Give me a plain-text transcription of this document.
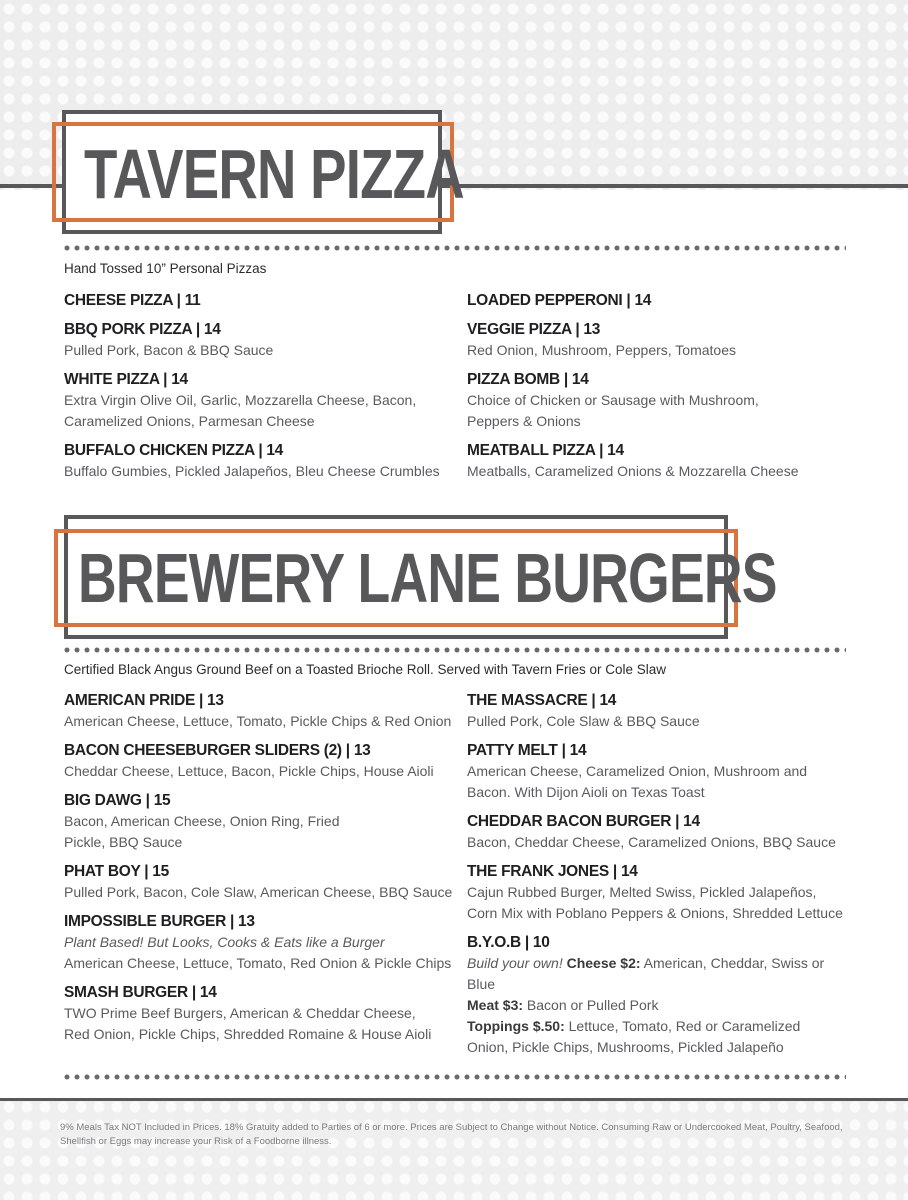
TAVERN PIZZA

Hand Tossed 10” Personal Pizzas

CHEESE PIZZA | 11

BBQ PORK PIZZA | 14

Pulled Pork, Bacon & BBQ Sauce

WHITE PIZZA | 14

Extra Virgin Olive Oil, Garlic, Mozzarella Cheese, Bacon, Caramelized Onions, Parmesan Cheese

BUFFALO CHICKEN PIZZA | 14

Buffalo Gumbies, Pickled Jalapeños, Bleu Cheese Crumbles

LOADED PEPPERONI | 14

VEGGIE PIZZA | 13

Red Onion, Mushroom, Peppers, Tomatoes

PIZZA BOMB | 14

Choice of Chicken or Sausage with Mushroom, Peppers & Onions

MEATBALL PIZZA | 14

Meatballs, Caramelized Onions & Mozzarella Cheese

BREWERY LANE BURGERS

Certified Black Angus Ground Beef on a Toasted Brioche Roll. Served with Tavern Fries or Cole Slaw

AMERICAN PRIDE | 13

American Cheese, Lettuce, Tomato, Pickle Chips & Red Onion

BACON CHEESEBURGER SLIDERS (2) | 13

Cheddar Cheese, Lettuce, Bacon, Pickle Chips, House Aioli

BIG DAWG | 15

Bacon, American Cheese, Onion Ring, Fried Pickle, BBQ Sauce

PHAT BOY | 15

Pulled Pork, Bacon, Cole Slaw, American Cheese, BBQ Sauce

IMPOSSIBLE BURGER | 13

Plant Based! But Looks, Cooks & Eats like a Burger

American Cheese, Lettuce, Tomato, Red Onion & Pickle Chips

SMASH BURGER | 14

TWO Prime Beef Burgers, American & Cheddar Cheese, Red Onion, Pickle Chips, Shredded Romaine & House Aioli

THE MASSACRE | 14

Pulled Pork, Cole Slaw & BBQ Sauce

PATTY MELT | 14

American Cheese, Caramelized Onion, Mushroom and Bacon. With Dijon Aioli on Texas Toast

CHEDDAR BACON BURGER | 14

Bacon, Cheddar Cheese, Caramelized Onions, BBQ Sauce

THE FRANK JONES | 14

Cajun Rubbed Burger, Melted Swiss, Pickled Jalapeños, Corn Mix with Poblano Peppers & Onions, Shredded Lettuce

B.Y.O.B | 10

Build your own! Cheese $2: American, Cheddar, Swiss or Blue

Meat $3: Bacon or Pulled Pork

Toppings $.50: Lettuce, Tomato, Red or Caramelized Onion, Pickle Chips, Mushrooms, Pickled Jalapeño

9% Meals Tax NOT Included in Prices. 18% Gratuity added to Parties of 6 or more. Prices are Subject to Change without Notice. Consuming Raw or Undercooked Meat, Poultry, Seafood, Shellfish or Eggs may increase your Risk of a Foodborne illness.
